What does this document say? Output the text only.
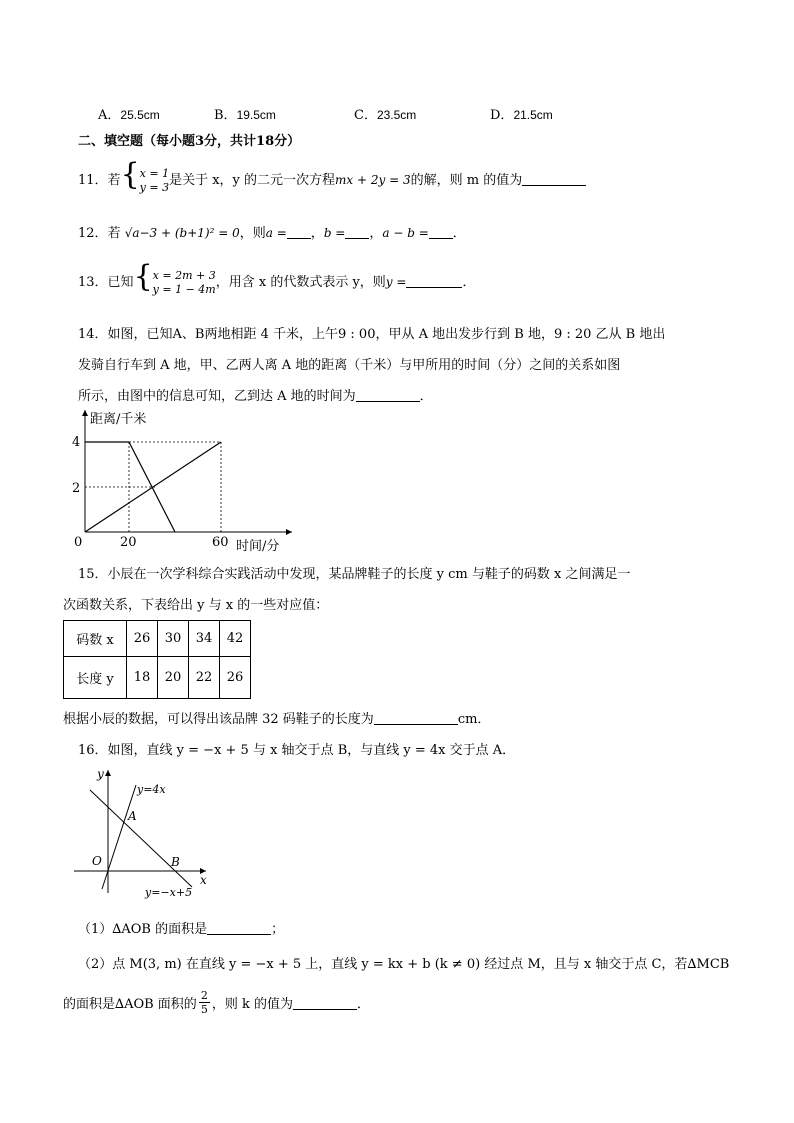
A．25.5cm	B．19.5cm	C．23.5cm	D．21.5cm
二、填空题（每小题3分，共计18分）
11．若{ x = 1
y = 3 是关于 x，y 的二元一次方程mx + 2y = 3的解，则 m 的值为
12．若 √a−3 + (b+1)² = 0，则a = ，b = ，a − b = ．
13．已知{ x = 2m + 3
y = 1 − 4m ，用含 x 的代数式表示 y，则y =	．
14．如图，已知A、B两地相距 4 千米，上午9 : 00，甲从 A 地出发步行到 B 地，9 : 20 乙从 B 地出
发骑自行车到 A 地，甲、乙两人离 A 地的距离（千米）与甲所用的时间（分）之间的关系如图
所示，由图中的信息可知，乙到达 A 地的时间为	．
距离/千米
时间/分
4
2
0	20	60
15．小辰在一次学科综合实践活动中发现，某品牌鞋子的长度 y cm 与鞋子的码数 x 之间满足一
次函数关系，下表给出 y 与 x 的一些对应值：
码数 x	26	30	34	42
长度 y	18	20	22	26
根据小辰的数据，可以得出该品牌 32 码鞋子的长度为	cm．
16．如图，直线 y = −x + 5 与 x 轴交于点 B，与直线 y = 4x 交于点 A．
y
x
O
A
B
y=4x
y=−x+5
（1）∆AOB 的面积是	；
（2）点 M(3, m) 在直线 y = −x + 5 上，直线 y = kx + b (k ≠ 0) 经过点 M，且与 x 轴交于点 C，若∆MCB
的面积是∆AOB 面积的 $\frac{2}{5}$ ，则 k 的值为	．
